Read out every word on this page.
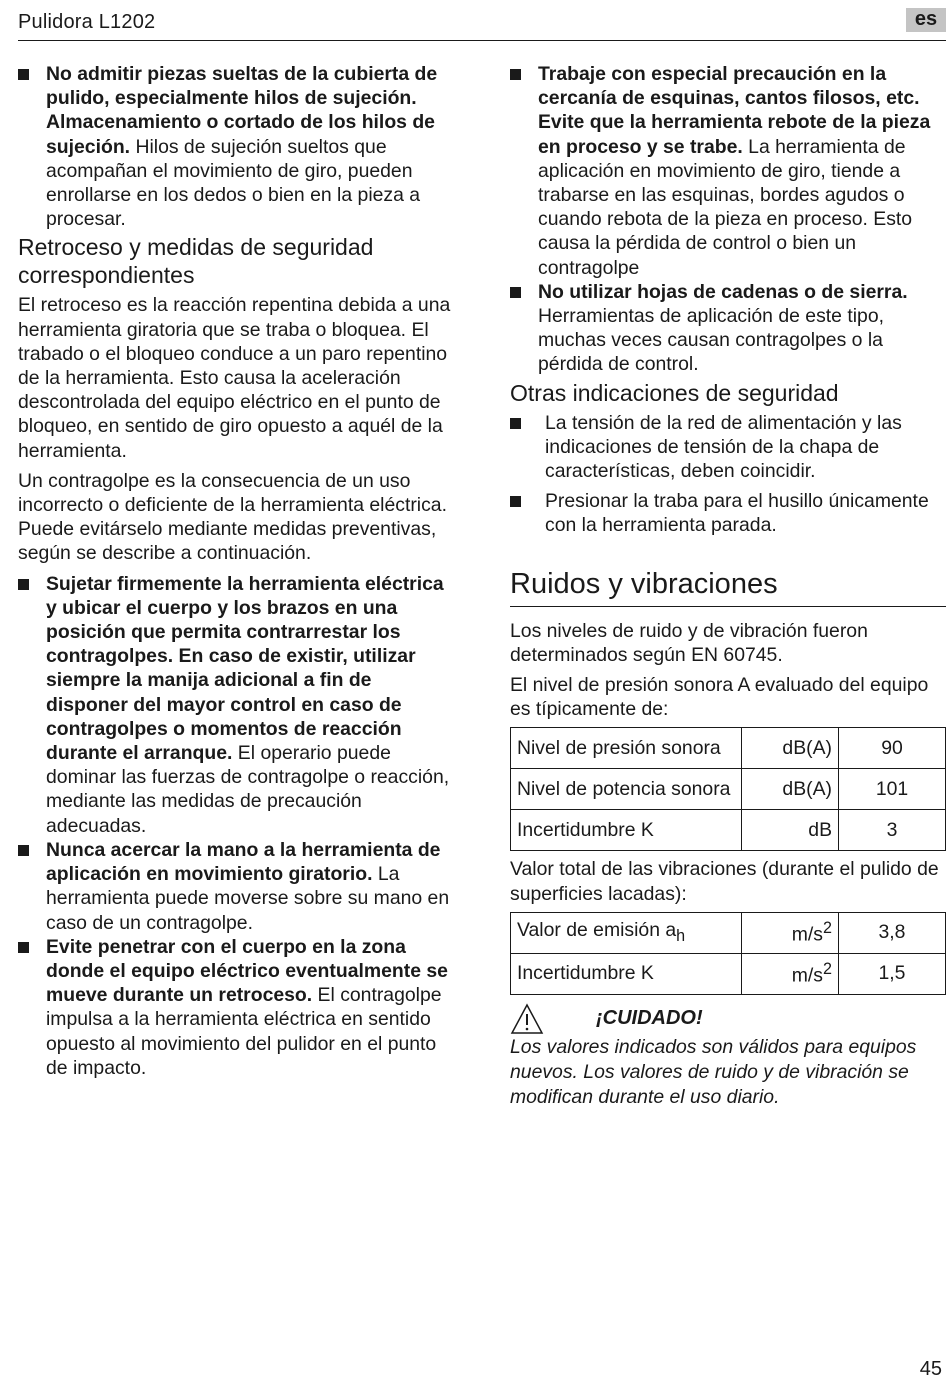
Pulidora L1202	es
No admitir piezas sueltas de la cubierta de pulido, especialmente hilos de sujeción. Almacenamiento o cortado de los hilos de sujeción. Hilos de sujeción sueltos que acompañan el movimiento de giro, pueden enrollarse en los dedos o bien en la pieza a procesar.
Retroceso y medidas de seguridad correspondientes

El retroceso es la reacción repentina debida a una herramienta giratoria que se traba o bloquea. El trabado o el bloqueo conduce a un paro repentino de la herramienta. Esto causa la aceleración descontrolada del equipo eléctrico en el punto de bloqueo, en sentido de giro opuesto a aquél de la herramienta.

Un contragolpe es la consecuencia de un uso incorrecto o deficiente de la herramienta eléctrica. Puede evitárselo mediante medidas preventivas, según se describe a continuación.

Sujetar firmemente la herramienta eléctrica y ubicar el cuerpo y los brazos en una posición que permita contrarrestar los contragolpes. En caso de existir, utilizar siempre la manija adicional a fin de disponer del mayor control en caso de contragolpes o momentos de reacción durante el arranque. El operario puede dominar las fuerzas de contragolpe o reacción, mediante las medidas de precaución adecuadas.
Nunca acercar la mano a la herramienta de aplicación en movimiento giratorio. La herramienta puede moverse sobre su mano en caso de un contragolpe.
Evite penetrar con el cuerpo en la zona donde el equipo eléctrico eventualmente se mueve durante un retroceso. El contragolpe impulsa a la herramienta eléctrica en sentido opuesto al movimiento del pulidor en el punto de impacto.
Trabaje con especial precaución en la cercanía de esquinas, cantos filosos, etc. Evite que la herramienta rebote de la pieza en proceso y se trabe. La herramienta de aplicación en movimiento de giro, tiende a trabarse en las esquinas, bordes agudos o cuando rebota de la pieza en proceso. Esto causa la pérdida de control o bien un contragolpe
No utilizar hojas de cadenas o de sierra. Herramientas de aplicación de este tipo, muchas veces causan contragolpes o la pérdida de control.
Otras indicaciones de seguridad
La tensión de la red de alimentación y las indicaciones de tensión de la chapa de características, deben coincidir.
Presionar la traba para el husillo únicamente con la herramienta parada.
Ruidos y vibraciones

Los niveles de ruido y de vibración fueron determinados según EN 60745.

El nivel de presión sonora A evaluado del equipo es típicamente de:

Nivel de presión sonora	dB(A)	90
Nivel de potencia sonora	dB(A)	101
Incertidumbre K	dB	3

Valor total de las vibraciones (durante el pulido de superficies lacadas):

Valor de emisión $a_h$	$m/s^2$	3,8
Incertidumbre K	$m/s^2$	1,5
¡CUIDADO!

Los valores indicados son válidos para equipos nuevos. Los valores de ruido y de vibración se modifican durante el uso diario.

45
